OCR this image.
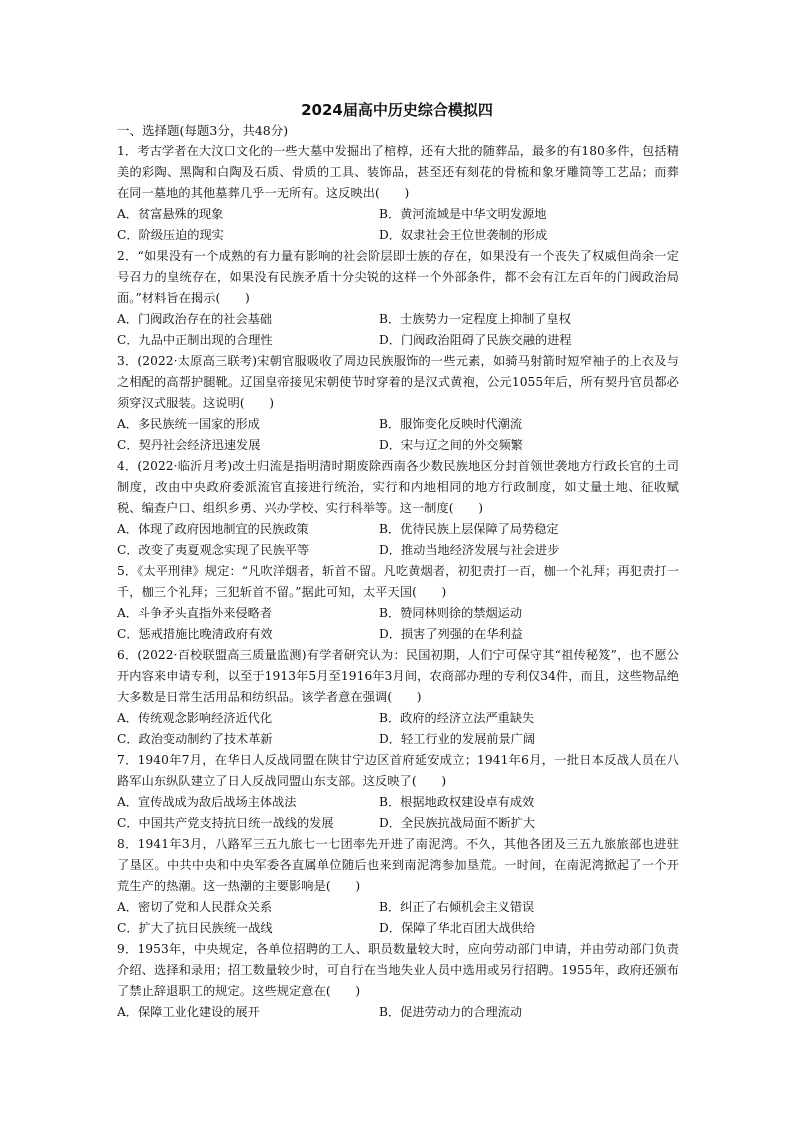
2024届高中历史综合模拟四
一、选择题(每题3分，共48分)

1．考古学者在大汶口文化的一些大墓中发掘出了棺椁，还有大批的随葬品，最多的有180多件，包括精美的彩陶、黑陶和白陶及石质、骨质的工具、装饰品，甚至还有刻花的骨梳和象牙雕筒等工艺品；而葬在同一墓地的其他墓葬几乎一无所有。这反映出(　　)

A．贫富悬殊的现象	B．黄河流域是中华文明发源地
C．阶级压迫的现实	D．奴隶社会王位世袭制的形成

2．“如果没有一个成熟的有力量有影响的社会阶层即士族的存在，如果没有一个丧失了权威但尚余一定号召力的皇统存在，如果没有民族矛盾十分尖锐的这样一个外部条件，都不会有江左百年的门阀政治局面。”材料旨在揭示(　　)

A．门阀政治存在的社会基础	B．士族势力一定程度上抑制了皇权
C．九品中正制出现的合理性	D．门阀政治阻碍了民族交融的进程

3．(2022·太原高三联考)宋朝官服吸收了周边民族服饰的一些元素，如骑马射箭时短窄袖子的上衣及与之相配的高帮护腿靴。辽国皇帝接见宋朝使节时穿着的是汉式黄袍，公元1055年后，所有契丹官员都必须穿汉式服装。这说明(　　)

A．多民族统一国家的形成	B．服饰变化反映时代潮流
C．契丹社会经济迅速发展	D．宋与辽之间的外交频繁

4．(2022·临沂月考)改土归流是指明清时期废除西南各少数民族地区分封首领世袭地方行政长官的土司制度，改由中央政府委派流官直接进行统治，实行和内地相同的地方行政制度，如丈量土地、征收赋税、编查户口、组织乡勇、兴办学校、实行科举等。这一制度(　　)

A．体现了政府因地制宜的民族政策	B．优待民族上层保障了局势稳定
C．改变了夷夏观念实现了民族平等	D．推动当地经济发展与社会进步

5．《太平刑律》规定：“凡吹洋烟者，斩首不留。凡吃黄烟者，初犯责打一百，枷一个礼拜；再犯责打一千，枷三个礼拜；三犯斩首不留。”据此可知，太平天国(　　)

A．斗争矛头直指外来侵略者	B．赞同林则徐的禁烟运动
C．惩戒措施比晚清政府有效	D．损害了列强的在华利益

6．(2022·百校联盟高三质量监测)有学者研究认为：民国初期，人们宁可保守其“祖传秘笈”，也不愿公开内容来申请专利，以至于1913年5月至1916年3月间，农商部办理的专利仅34件，而且，这些物品绝大多数是日常生活用品和纺织品。该学者意在强调(　　)

A．传统观念影响经济近代化	B．政府的经济立法严重缺失
C．政治变动制约了技术革新	D．轻工行业的发展前景广阔

7．1940年7月，在华日人反战同盟在陕甘宁边区首府延安成立；1941年6月，一批日本反战人员在八路军山东纵队建立了日人反战同盟山东支部。这反映了(　　)

A．宣传战成为敌后战场主体战法	B．根据地政权建设卓有成效
C．中国共产党支持抗日统一战线的发展	D．全民族抗战局面不断扩大

8．1941年3月，八路军三五九旅七一七团率先开进了南泥湾。不久，其他各团及三五九旅旅部也进驻了垦区。中共中央和中央军委各直属单位随后也来到南泥湾参加垦荒。一时间，在南泥湾掀起了一个开荒生产的热潮。这一热潮的主要影响是(　　)

A．密切了党和人民群众关系	B．纠正了右倾机会主义错误
C．扩大了抗日民族统一战线	D．保障了华北百团大战供给

9．1953年，中央规定，各单位招聘的工人、职员数量较大时，应向劳动部门申请，并由劳动部门负责介绍、选择和录用；招工数量较少时，可自行在当地失业人员中选用或另行招聘。1955年，政府还颁布了禁止辞退职工的规定。这些规定意在(　　)

A．保障工业化建设的展开	B．促进劳动力的合理流动
